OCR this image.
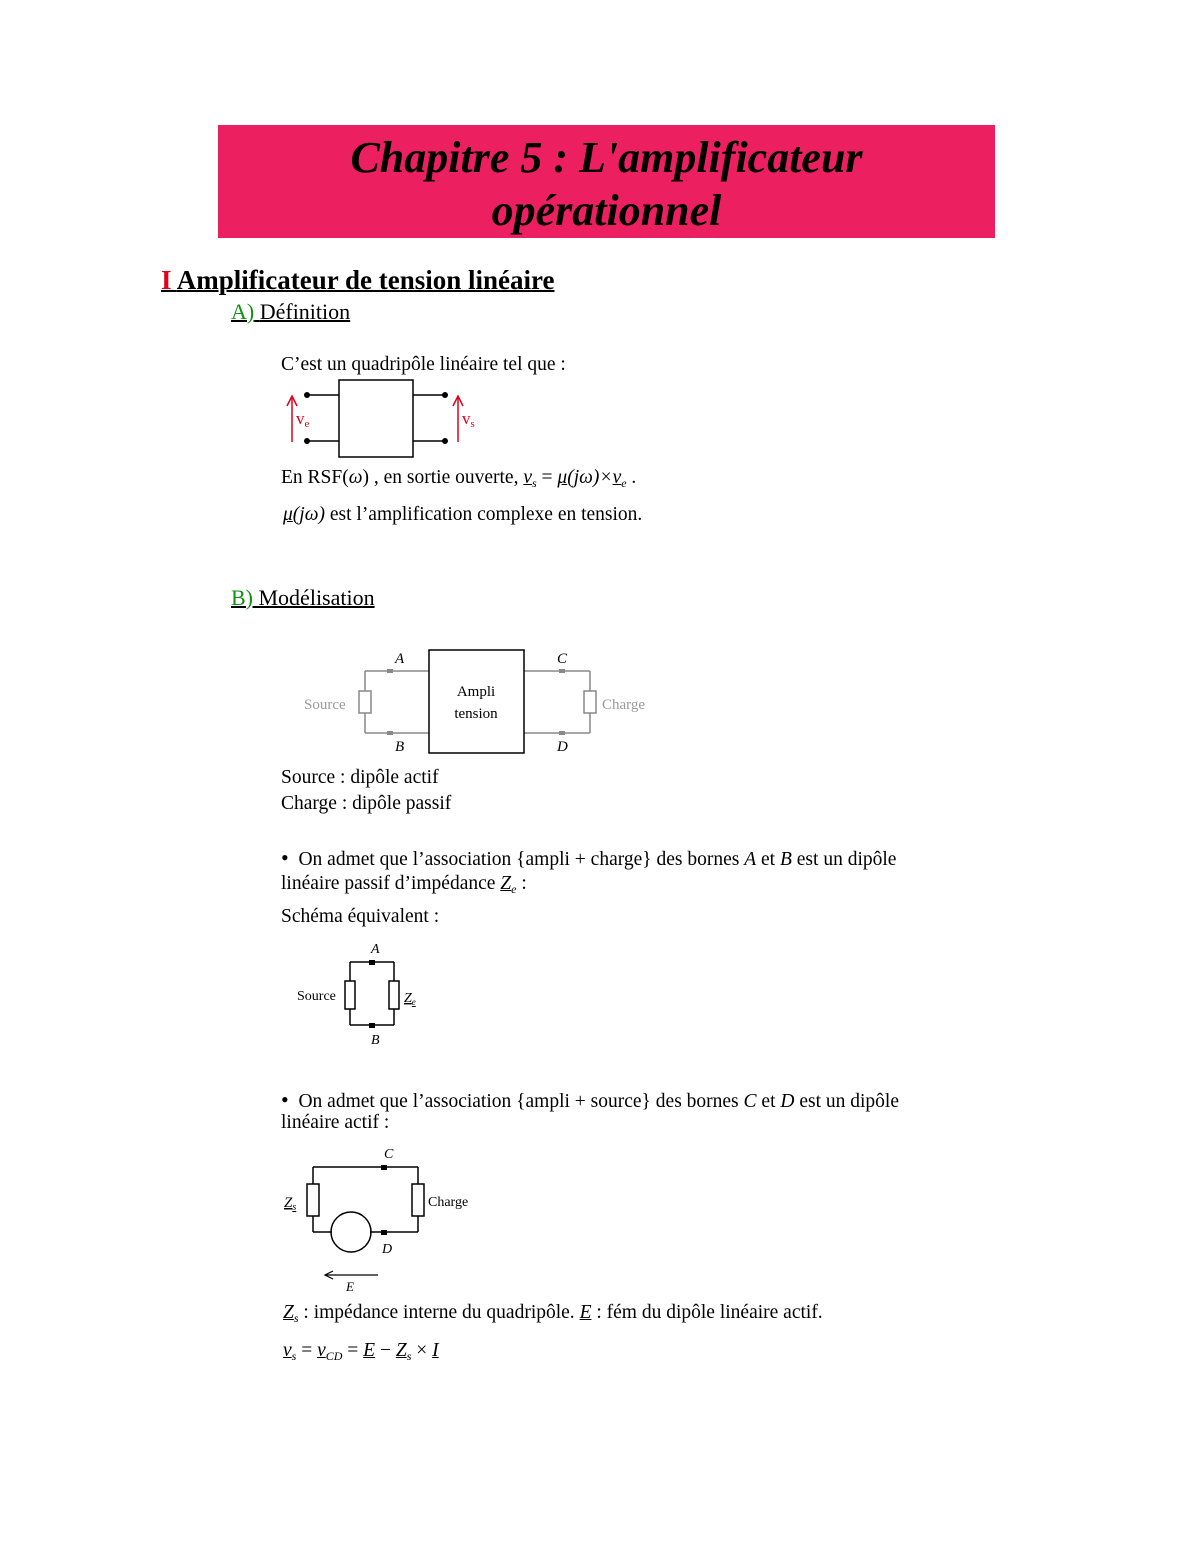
Chapitre 5 : L'amplificateur
opérationnel
I Amplificateur de tension linéaire
A) Définition
C’est un quadripôle linéaire tel que :
ve	vs
En RSF(ω) , en sortie ouverte, $v_s = \mu(j\omega)\times v_e$ .
μ(jω) est l’amplification complexe en tension.
B) Modélisation
A
B
C
D
Source	Charge
Ampli
tension
Source : dipôle actif
Charge : dipôle passif
• On admet que l’association {ampli + charge} des bornes A et B est un dipôle
linéaire passif d’impédance $Z_e$ :
Schéma équivalent :
A
B
Source	$Z_e$
• On admet que l’association {ampli + source} des bornes C et D est un dipôle
linéaire actif :
C
D
$Z_s$	Charge
E
$Z_s$ : impédance interne du quadripôle. E : fém du dipôle linéaire actif.
$v_s = v_{CD} = E - Z_s \times I$
